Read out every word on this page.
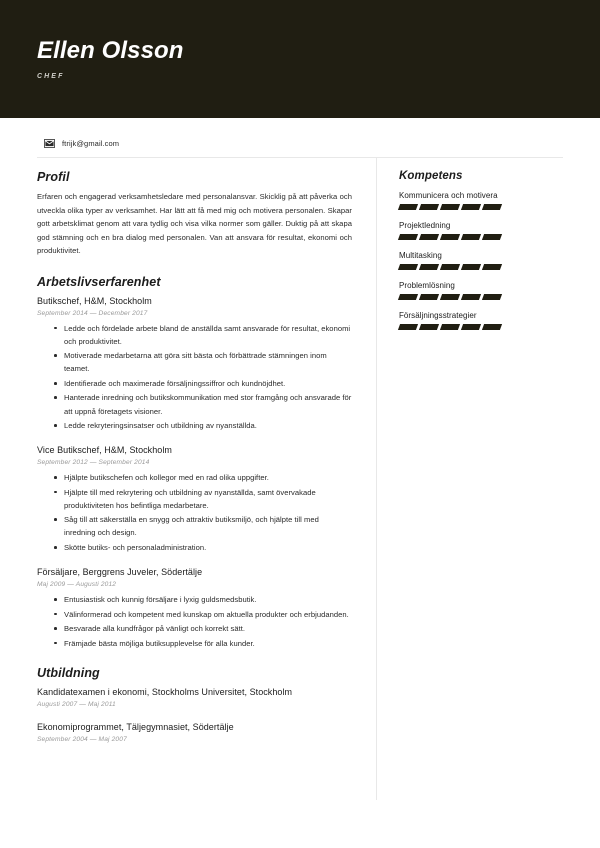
Ellen Olsson
CHEF
ftrijk@gmail.com
Profil
Erfaren och engagerad verksamhetsledare med personalansvar. Skicklig på att påverka och utveckla olika typer av verksamhet. Har lätt att få med mig och motivera personalen. Skapar gott arbetsklimat genom att vara tydlig och visa vilka normer som gäller. Duktig på att skapa god stämning och en bra dialog med personalen. Van att ansvara för resultat, ekonomi och produktivitet.
Arbetslivserfarenhet
Butikschef, H&M, Stockholm
September 2014 — December 2017
Ledde och fördelade arbete bland de anställda samt ansvarade för resultat, ekonomi och produktivitet.
Motiverade medarbetarna att göra sitt bästa och förbättrade stämningen inom teamet.
Identifierade och maximerade försäljningssiffror och kundnöjdhet.
Hanterade inredning och butikskommunikation med stor framgång och ansvarade för att uppnå företagets visioner.
Ledde rekryteringsinsatser och utbildning av nyanställda.
Vice Butikschef, H&M, Stockholm
September 2012 — September 2014
Hjälpte butikschefen och kollegor med en rad olika uppgifter.
Hjälpte till med rekrytering och utbildning av nyanställda, samt övervakade produktiviteten hos befintliga medarbetare.
Såg till att säkerställa en snygg och attraktiv butiksmiljö, och hjälpte till med inredning och design.
Skötte butiks- och personaladministration.
Försäljare, Berggrens Juveler, Södertälje
Maj 2009 — Augusti 2012
Entusiastisk och kunnig försäljare i lyxig guldsmedsbutik.
Välinformerad och kompetent med kunskap om aktuella produkter och erbjudanden.
Besvarade alla kundfrågor på vänligt och korrekt sätt.
Främjade bästa möjliga butiksupplevelse för alla kunder.
Utbildning
Kandidatexamen i ekonomi, Stockholms Universitet, Stockholm
Augusti 2007 — Maj 2011
Ekonomiprogrammet, Täljegymnasiet, Södertälje
September 2004 — Maj 2007
Kompetens
Kommunicera och motivera
Projektledning
Multitasking
Problemlösning
Försäljningsstrategier
